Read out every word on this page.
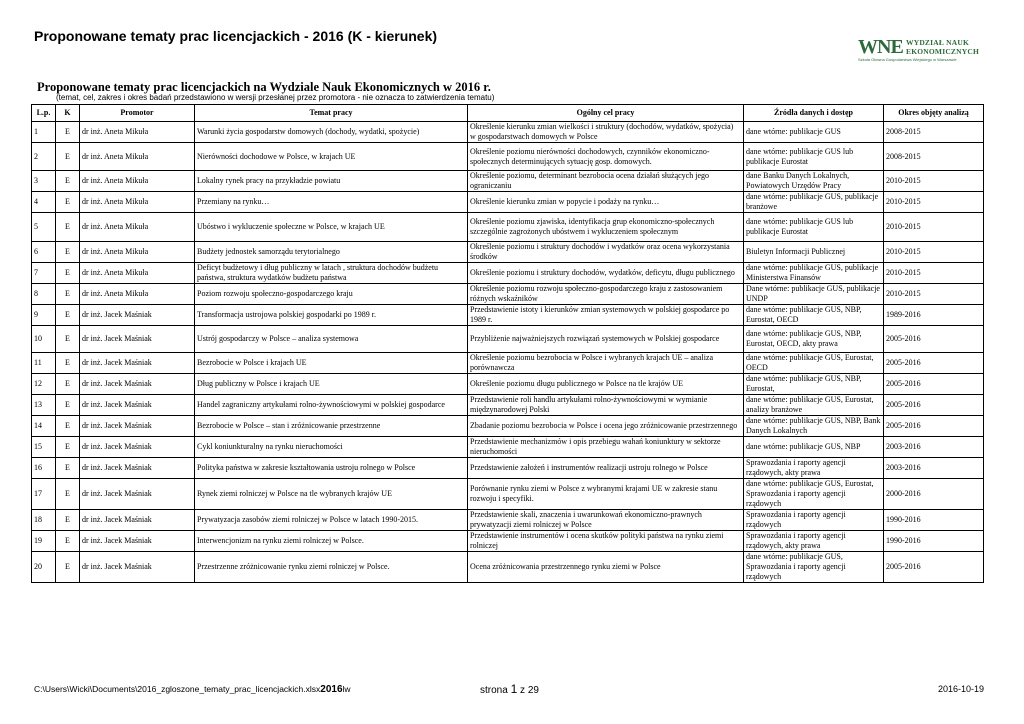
Proponowane tematy prac licencjackich - 2016 (K - kierunek)	WNE WYDZIAŁ NAUK EKONOMICZNYCH
Szkoła Główna Gospodarstwa Wiejskiego w Warszawie
Proponowane tematy prac licencjackich na Wydziale Nauk Ekonomicznych w 2016 r.
(temat, cel, zakres i okres badań przedstawiono w wersji przesłanej przez promotora - nie oznacza to zatwierdzenia tematu)
L.p.	K	Promotor	Temat pracy	Ogólny cel pracy	Źródła danych i dostęp	Okres objęty analizą
1	E	dr inż. Aneta Mikuła	Warunki życia gospodarstw domowych (dochody, wydatki, spożycie)	Określenie kierunku zmian wielkości i struktury (dochodów, wydatków, spożycia) w gospodarstwach domowych w Polsce	dane wtórne: publikacje GUS	2008-2015
2	E	dr inż. Aneta Mikuła	Nierówności dochodowe w Polsce, w krajach UE	Określenie poziomu nierówności dochodowych, czynników ekonomiczno-społecznych determinujących sytuację gosp. domowych.	dane wtórne: publikacje GUS lub publikacje Eurostat	2008-2015
3	E	dr inż. Aneta Mikuła	Lokalny rynek pracy na przykładzie powiatu	Określenie poziomu, determinant bezrobocia ocena działań służących jego ograniczaniu	dane Banku Danych Lokalnych, Powiatowych Urzędów Pracy	2010-2015
4	E	dr inż. Aneta Mikuła	Przemiany na rynku…	Określenie kierunku zmian w popycie i podaży na rynku…	dane wtórne: publikacje GUS, publikacje branżowe	2010-2015
5	E	dr inż. Aneta Mikuła	Ubóstwo i wykluczenie społeczne w Polsce, w krajach UE	Określenie poziomu zjawiska, identyfikacja grup ekonomiczno-społecznych szczególnie zagrożonych ubóstwem i wykluczeniem społecznym	dane wtórne: publikacje GUS lub publikacje Eurostat	2010-2015
6	E	dr inż. Aneta Mikuła	Budżety jednostek samorządu terytorialnego	Określenie poziomu i struktury dochodów i wydatków oraz ocena wykorzystania środków	Biuletyn Informacji Publicznej	2010-2015
7	E	dr inż. Aneta Mikuła	Deficyt budżetowy i dług publiczny w latach , struktura dochodów budżetu państwa, struktura wydatków budżetu państwa	Określenie poziomu i struktury dochodów, wydatków, deficytu, długu publicznego	dane wtórne: publikacje GUS, publikacje Ministerstwa Finansów	2010-2015
8	E	dr inż. Aneta Mikuła	Poziom rozwoju społeczno-gospodarczego kraju	Określenie poziomu rozwoju społeczno-gospodarczego kraju z zastosowaniem różnych wskaźników	Dane wtórne: publikacje GUS, publikacje UNDP	2010-2015
9	E	dr inż. Jacek Maśniak	Transformacja ustrojowa polskiej gospodarki po 1989 r.	Przedstawienie istoty i kierunków zmian systemowych w polskiej gospodarce po 1989 r.	dane wtórne: publikacje GUS, NBP, Eurostat, OECD	1989-2016
10	E	dr inż. Jacek Maśniak	Ustrój gospodarczy w Polsce – analiza systemowa	Przybliżenie najważniejszych rozwiązań systemowych w Polskiej gospodarce	dane wtórne: publikacje GUS, NBP, Eurostat, OECD, akty prawa	2005-2016
11	E	dr inż. Jacek Maśniak	Bezrobocie w Polsce i krajach UE	Określenie poziomu bezrobocia w Polsce i wybranych krajach UE – analiza porównawcza	dane wtórne: publikacje GUS, Eurostat, OECD	2005-2016
12	E	dr inż. Jacek Maśniak	Dług publiczny w Polsce i krajach UE	Określenie poziomu długu publicznego w Polsce na tle krajów UE	dane wtórne: publikacje GUS, NBP, Eurostat,	2005-2016
13	E	dr inż. Jacek Maśniak	Handel zagraniczny artykułami rolno-żywnościowymi w polskiej gospodarce	Przedstawienie roli handlu artykułami rolno-żywnościowymi w wymianie międzynarodowej Polski	dane wtórne: publikacje GUS, Eurostat, analizy branżowe	2005-2016
14	E	dr inż. Jacek Maśniak	Bezrobocie w Polsce – stan i zróżnicowanie przestrzenne	Zbadanie poziomu bezrobocia w Polsce i ocena jego zróżnicowanie przestrzennego	dane wtórne: publikacje GUS, NBP, Bank Danych Lokalnych	2005-2016
15	E	dr inż. Jacek Maśniak	Cykl koniunkturalny na rynku nieruchomości	Przedstawienie mechanizmów i opis przebiegu wahań koniunktury w sektorze nieruchomości	dane wtórne: publikacje GUS, NBP	2003-2016
16	E	dr inż. Jacek Maśniak	Polityka państwa w zakresie kształtowania ustroju rolnego w Polsce	Przedstawienie założeń i instrumentów realizacji ustroju rolnego w Polsce	Sprawozdania i raporty agencji rządowych, akty prawa	2003-2016
17	E	dr inż. Jacek Maśniak	Rynek ziemi rolniczej w Polsce na tle wybranych krajów UE	Porównanie rynku ziemi w Polsce z wybranymi krajami UE w zakresie stanu rozwoju i specyfiki.	dane wtórne: publikacje GUS, Eurostat, Sprawozdania i raporty agencji rządowych	2000-2016
18	E	dr inż. Jacek Maśniak	Prywatyzacja zasobów ziemi rolniczej w Polsce w latach 1990-2015.	Przedstawienie skali, znaczenia i uwarunkowań ekonomiczno-prawnych prywatyzacji ziemi rolniczej w Polsce	Sprawozdania i raporty agencji rządowych	1990-2016
19	E	dr inż. Jacek Maśniak	Interwencjonizm na rynku ziemi rolniczej w Polsce.	Przedstawienie instrumentów i ocena skutków polityki państwa na rynku ziemi rolniczej	Sprawozdania i raporty agencji rządowych, akty prawa	1990-2016
20	E	dr inż. Jacek Maśniak	Przestrzenne zróżnicowanie rynku ziemi rolniczej w Polsce.	Ocena zróżnicowania przestrzennego rynku ziemi w Polsce	dane wtórne: publikacje GUS, Sprawozdania i raporty agencji rządowych	2005-2016
C:\Users\Wicki\Documents\2016_zgloszone_tematy_prac_licencjackich.xlsx2016lw	strona 1 z 29	2016-10-19
